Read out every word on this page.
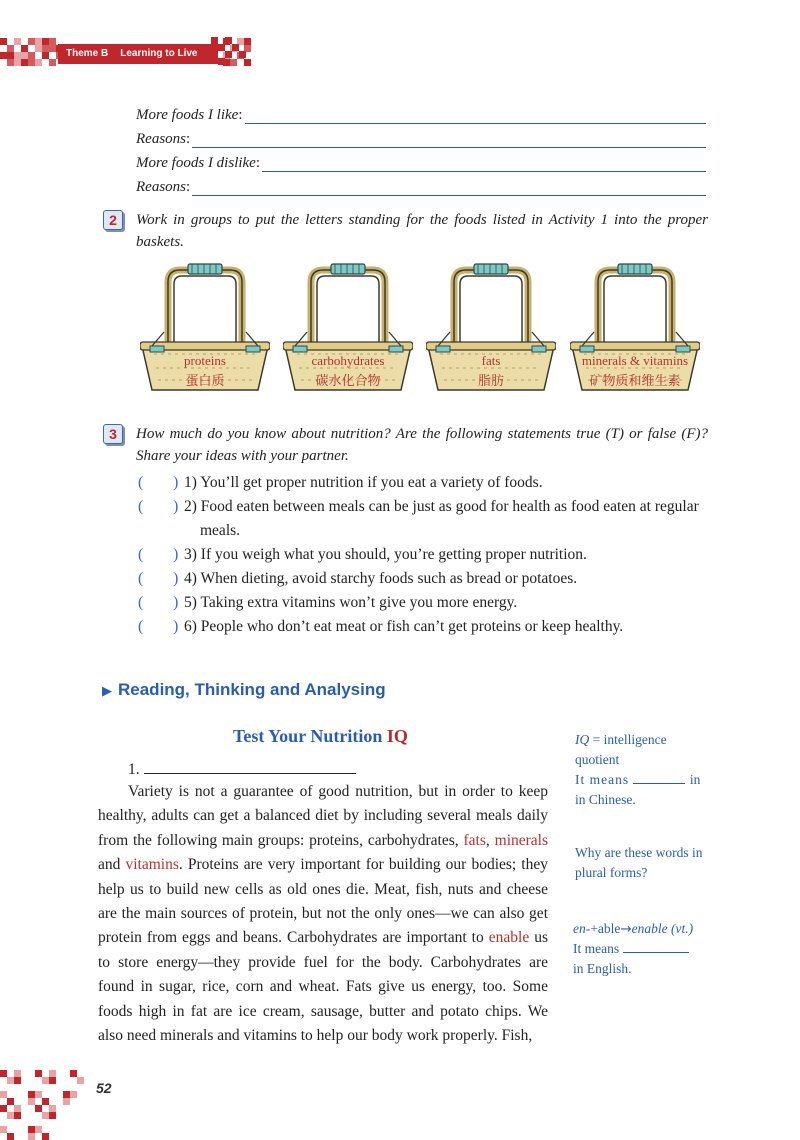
Theme B Learning to Live
More foods I like :
Reasons :
More foods I dislike :
Reasons :
2	Work in groups to put the letters standing for the foods listed in Activity 1 into the proper baskets.
proteins
蛋白质
carbohydrates
碳水化合物
fats
脂肪
minerals & vitamins
矿物质和维生素
3	How much do you know about nutrition? Are the following statements true (T) or false (F)? Share your ideas with your partner.
( ) 1) You’ll get proper nutrition if you eat a variety of foods.
( ) 2) Food eaten between meals can be just as good for health as food eaten at regular
( ) 3) If you weigh what you should, you’re getting proper nutrition.
( ) 4) When dieting, avoid starchy foods such as bread or potatoes.
( ) 5) Taking extra vitamins won’t give you more energy.
( ) 6) People who don’t eat meat or fish can’t get proteins or keep healthy.
meals.
▶ Reading, Thinking and Analysing
Test Your Nutrition IQ
1.
Variety is not a guarantee of good nutrition, but in order to keep healthy, adults can get a balanced diet by including several meals daily from the following main groups: proteins, carbohydrates, fats, minerals and vitamins. Proteins are very important for building our bodies; they help us to build new cells as old ones die. Meat, fish, nuts and cheese are the main sources of protein, but not the only ones—we can also get protein from eggs and beans. Carbohydrates are important to enable us to store energy—they provide fuel for the body. Carbohydrates are found in sugar, rice, corn and wheat. Fats give us energy, too. Some foods high in fat are ice cream, sausage, butter and potato chips. We also need minerals and vitamins to help our body work properly. Fish,
IQ = intelligence quotient
It means	in
in Chinese.
Why are these words in plural forms?
en-+able→enable (vt.)
It means
in English.
52
